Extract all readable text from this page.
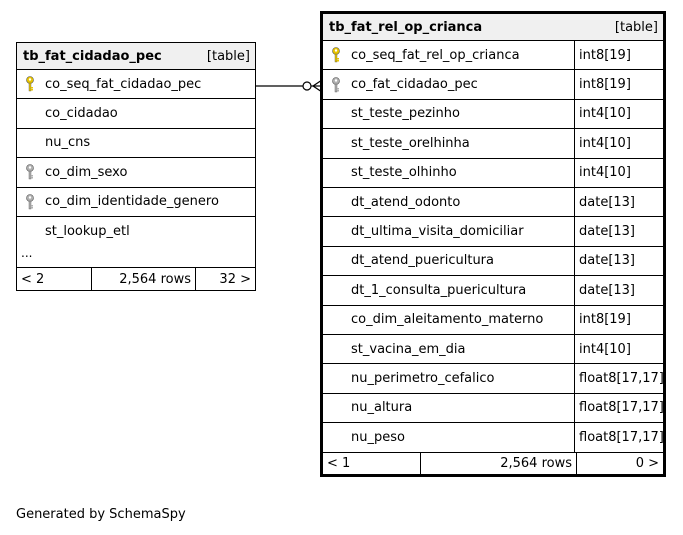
tb_fat_cidadao_pec	[table]
co_seq_fat_cidadao_pec
co_cidadao
nu_cns
co_dim_sexo
co_dim_identidade_genero
st_lookup_etl
...
< 2	2,564 rows	32 >
tb_fat_rel_op_crianca	[table]
co_seq_fat_rel_op_crianca	int8[19]
co_fat_cidadao_pec	int8[19]
st_teste_pezinho	int4[10]
st_teste_orelhinha	int4[10]
st_teste_olhinho	int4[10]
dt_atend_odonto	date[13]
dt_ultima_visita_domiciliar	date[13]
dt_atend_puericultura	date[13]
dt_1_consulta_puericultura	date[13]
co_dim_aleitamento_materno	int8[19]
st_vacina_em_dia	int4[10]
nu_perimetro_cefalico	float8[17,17]
nu_altura	float8[17,17]
nu_peso	float8[17,17]
< 1	2,564 rows	0 >
Generated by SchemaSpy
